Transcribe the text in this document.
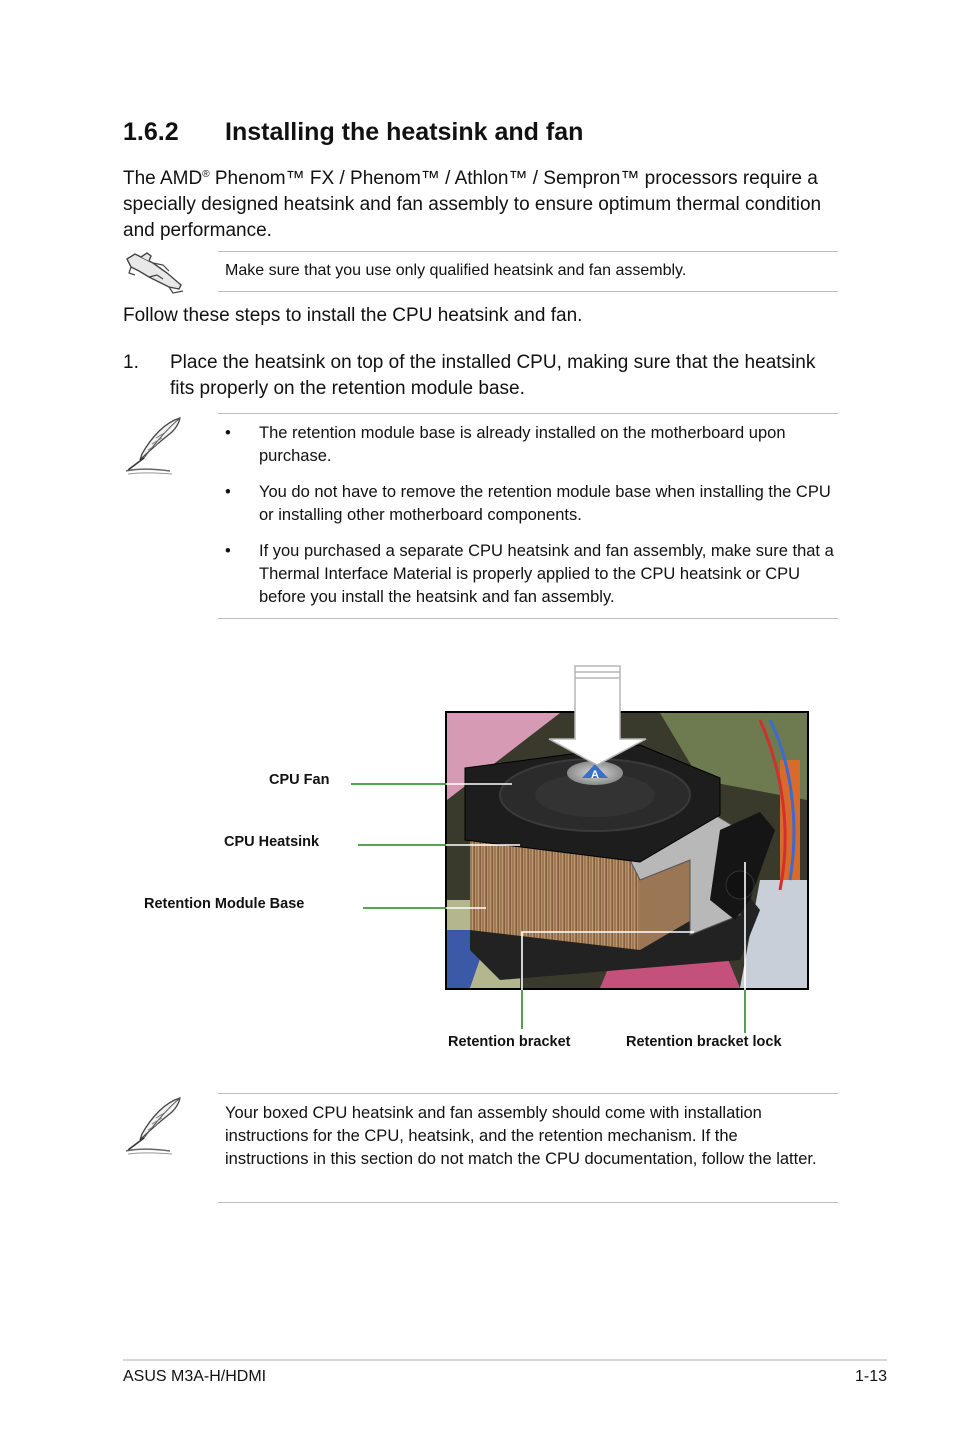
1.6.2 Installing the heatsink and fan
The AMD® Phenom™ FX / Phenom™ / Athlon™ / Sempron™ processors require a specially designed heatsink and fan assembly to ensure optimum thermal condition and performance.
Make sure that you use only qualified heatsink and fan assembly.
Follow these steps to install the CPU heatsink and fan.
1. Place the heatsink on top of the installed CPU, making sure that the heatsink fits properly on the retention module base.
• The retention module base is already installed on the motherboard upon purchase.
• You do not have to remove the retention module base when installing the CPU or installing other motherboard components.
• If you purchased a separate CPU heatsink and fan assembly, make sure that a Thermal Interface Material is properly applied to the CPU heatsink or CPU before you install the heatsink and fan assembly.
A
CPU Fan
CPU Heatsink
Retention Module Base
Retention bracket	Retention bracket lock
Your boxed CPU heatsink and fan assembly should come with installation instructions for the CPU, heatsink, and the retention mechanism. If the instructions in this section do not match the CPU documentation, follow the latter.
ASUS M3A-H/HDMI	1-13
